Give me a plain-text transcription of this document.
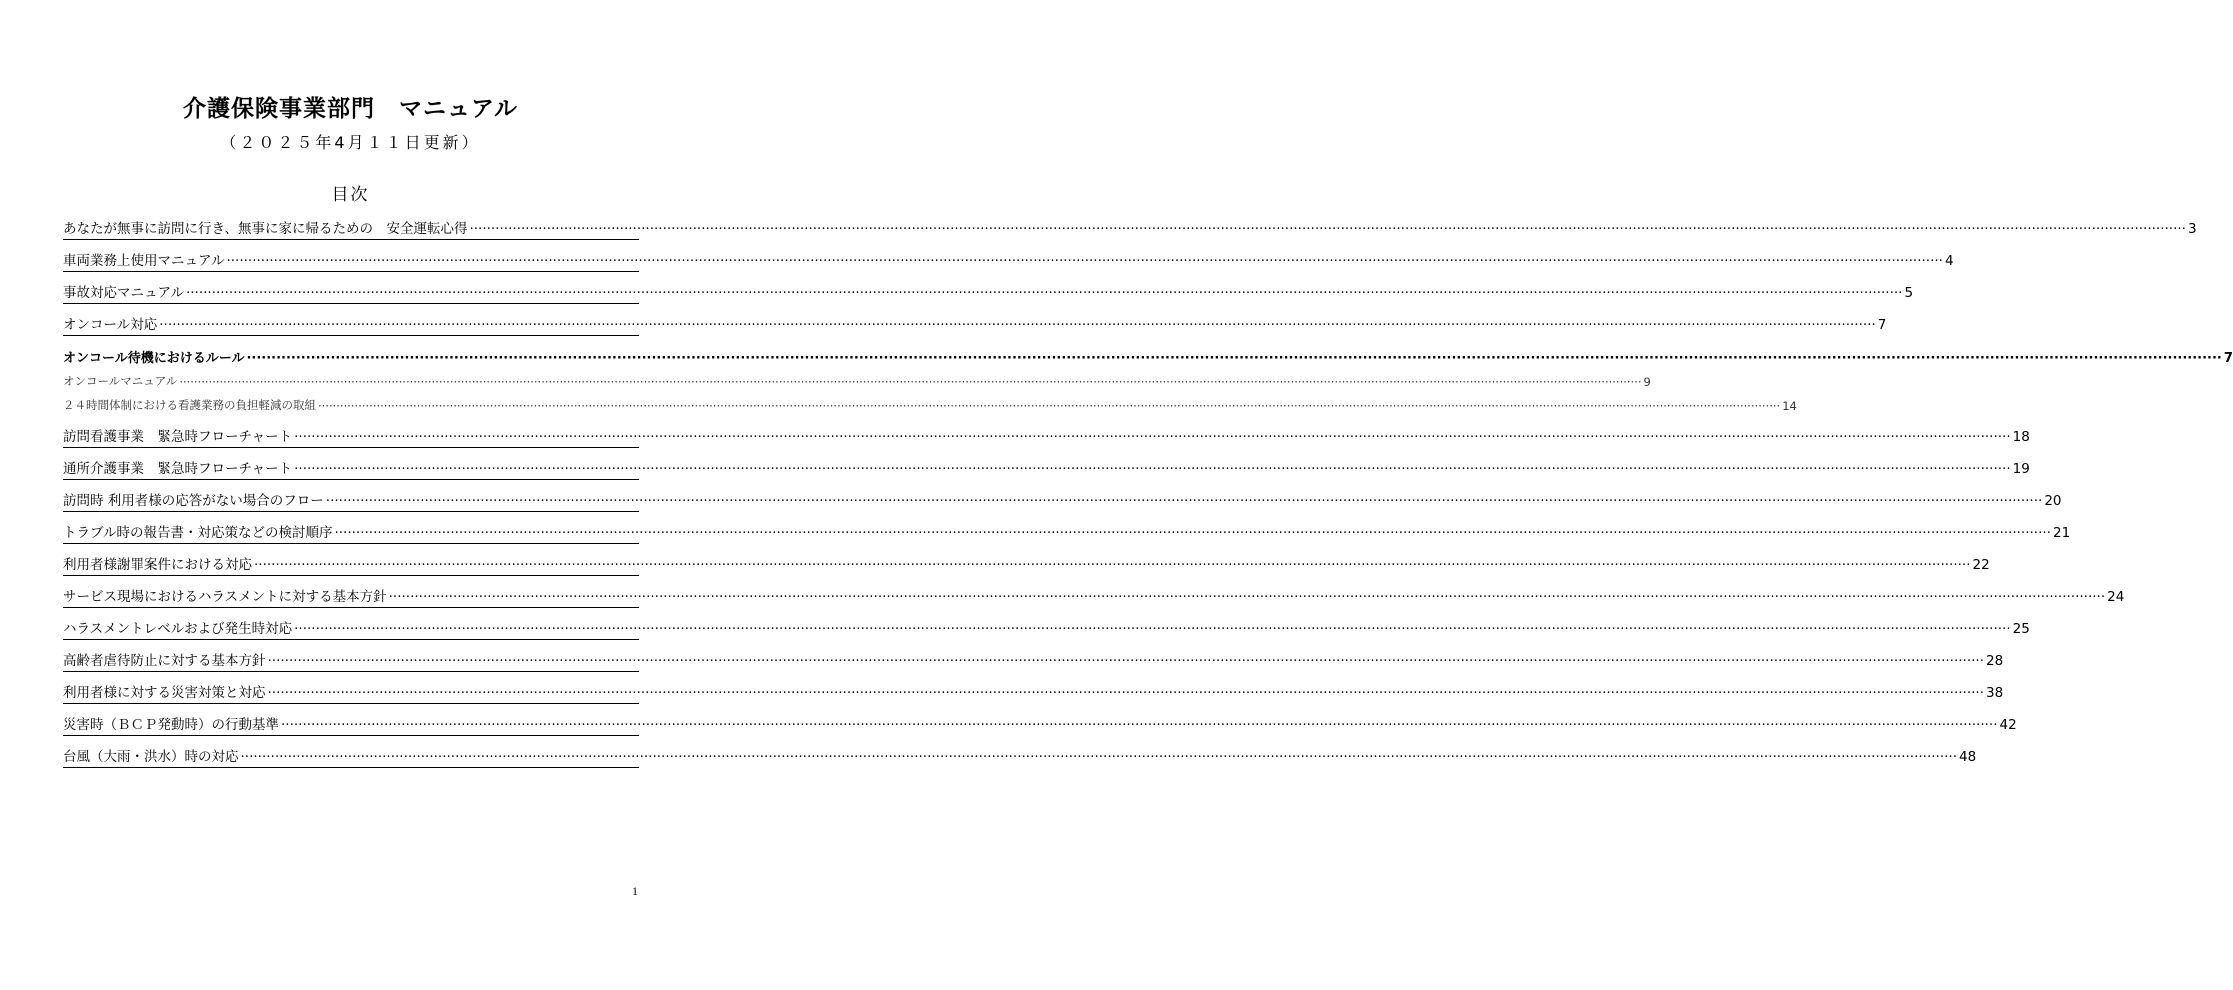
介護保険事業部門　マニュアル
（２０２５年4月１１日更新）
目次
あなたが無事に訪問に行き、無事に家に帰るための　安全運転心得 ················································································································································································································································································································································································································ 3
車両業務上使用マニュアル ················································································································································································································································································································································································································ 4
事故対応マニュアル ················································································································································································································································································································································································································ 5
オンコール対応 ················································································································································································································································································································································································································ 7
オンコール待機におけるルール ················································································································································································································································································································································································································ 7
オンコールマニュアル ················································································································································································································································································································································································································ 9
２４時間体制における看護業務の負担軽減の取組 ················································································································································································································································································································································································································ 14
訪問看護事業　緊急時フローチャート ················································································································································································································································································································································································································ 18
通所介護事業　緊急時フローチャート ················································································································································································································································································································································································································ 19
訪問時 利用者様の応答がない場合のフロー ················································································································································································································································································································································································································ 20
トラブル時の報告書・対応策などの検討順序 ················································································································································································································································································································································································································ 21
利用者様謝罪案件における対応 ················································································································································································································································································································································································································ 22
サービス現場におけるハラスメントに対する基本方針 ················································································································································································································································································································································································································ 24
ハラスメントレベルおよび発生時対応 ················································································································································································································································································································································································································ 25
高齢者虐待防止に対する基本方針 ················································································································································································································································································································································································································ 28
利用者様に対する災害対策と対応 ················································································································································································································································································································································································································ 38
災害時（ＢＣＰ発動時）の行動基準 ················································································································································································································································································································································································································ 42
台風（大雨・洪水）時の対応 ················································································································································································································································································································································································································ 48
1
